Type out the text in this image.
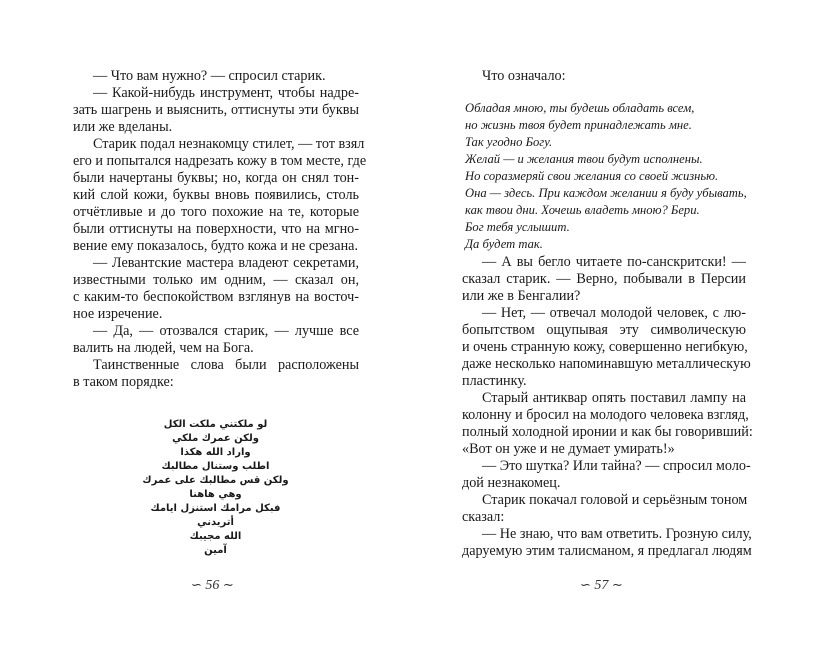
— Что вам нужно? — спросил старик.
— Какой-нибудь инструмент, чтобы надре-
зать шагрень и выяснить, оттиснуты эти буквы
или же вделаны.
Старик подал незнакомцу стилет, — тот взял
его и попытался надрезать кожу в том месте, где
были начертаны буквы; но, когда он снял тон-
кий слой кожи, буквы вновь появились, столь
отчётливые и до того похожие на те, которые
были оттиснуты на поверхности, что на мгно-
вение ему показалось, будто кожа и не срезана.
— Левантские мастера владеют секретами,
известными только им одним, — сказал он,
с каким-то беспокойством взглянув на восточ-
ное изречение.
— Да, — отозвался старик, — лучше все
валить на людей, чем на Бога.
Таинственные слова были расположены
в таком порядке:
لو ملكتني ملكت الكل
ولكن عمرك ملكي
واراد الله هكذا
اطلب وستنال مطالبك
ولكن قس مطالبك على عمرك
وهي هاهنا
فبكل مرامك استنزل ايامك
أتريدني
الله مجيبك
آمين
∽ 56 ∼
Что означало:
Обладая мною, ты будешь обладать всем,
но жизнь твоя будет принадлежать мне.
Так угодно Богу.
Желай — и желания твои будут исполнены.
Но соразмеряй свои желания со своей жизнью.
Она — здесь. При каждом желании я буду убывать,
как твои дни. Хочешь владеть мною? Бери.
Бог тебя услышит.
Да будет так.
— А вы бегло читаете по-санскритски! —
сказал старик. — Верно, побывали в Персии
или же в Бенгалии?
— Нет, — отвечал молодой человек, с лю-
бопытством ощупывая эту символическую
и очень странную кожу, совершенно негибкую,
даже несколько напоминавшую металлическую
пластинку.
Старый антиквар опять поставил лампу на
колонну и бросил на молодого человека взгляд,
полный холодной иронии и как бы говоривший:
«Вот он уже и не думает умирать!»
— Это шутка? Или тайна? — спросил моло-
дой незнакомец.
Старик покачал головой и серьёзным тоном
сказал:
— Не знаю, что вам ответить. Грозную силу,
даруемую этим талисманом, я предлагал людям
∽ 57 ∼
